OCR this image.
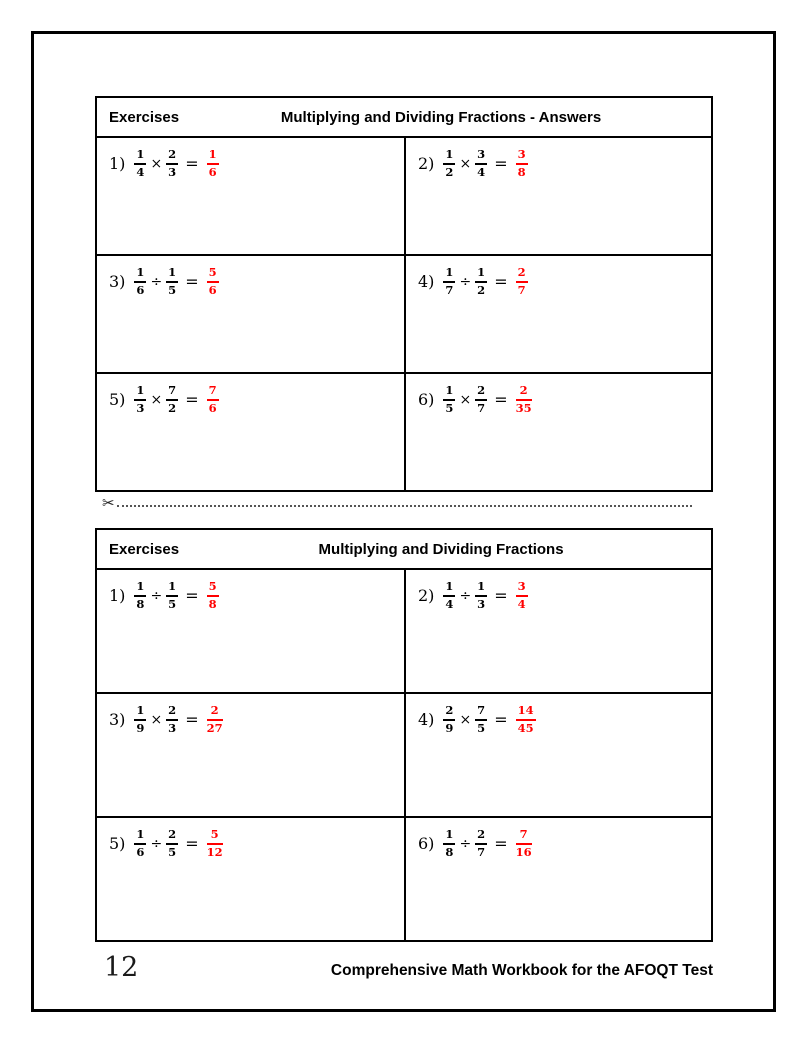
Exercises	Multiplying and Dividing Fractions - Answers
$1) \frac{1}{4} \times \frac{2}{3} = \frac{1}{6}$	$2) \frac{1}{2} \times \frac{3}{4} = \frac{3}{8}$
$3) \frac{1}{6} \div \frac{1}{5} = \frac{5}{6}$	$4) \frac{1}{7} \div \frac{1}{2} = \frac{2}{7}$
$5) \frac{1}{3} \times \frac{7}{2} = \frac{7}{6}$	$6) \frac{1}{5} \times \frac{2}{7} = \frac{2}{35}$
✂
Exercises	Multiplying and Dividing Fractions
$1) \frac{1}{8} \div \frac{1}{5} = \frac{5}{8}$	$2) \frac{1}{4} \div \frac{1}{3} = \frac{3}{4}$
$3) \frac{1}{9} \times \frac{2}{3} = \frac{2}{27}$	$4) \frac{2}{9} \times \frac{7}{5} = \frac{14}{45}$
$5) \frac{1}{6} \div \frac{2}{5} = \frac{5}{12}$	$6) \frac{1}{8} \div \frac{2}{7} = \frac{7}{16}$
12	Comprehensive Math Workbook for the AFOQT Test
